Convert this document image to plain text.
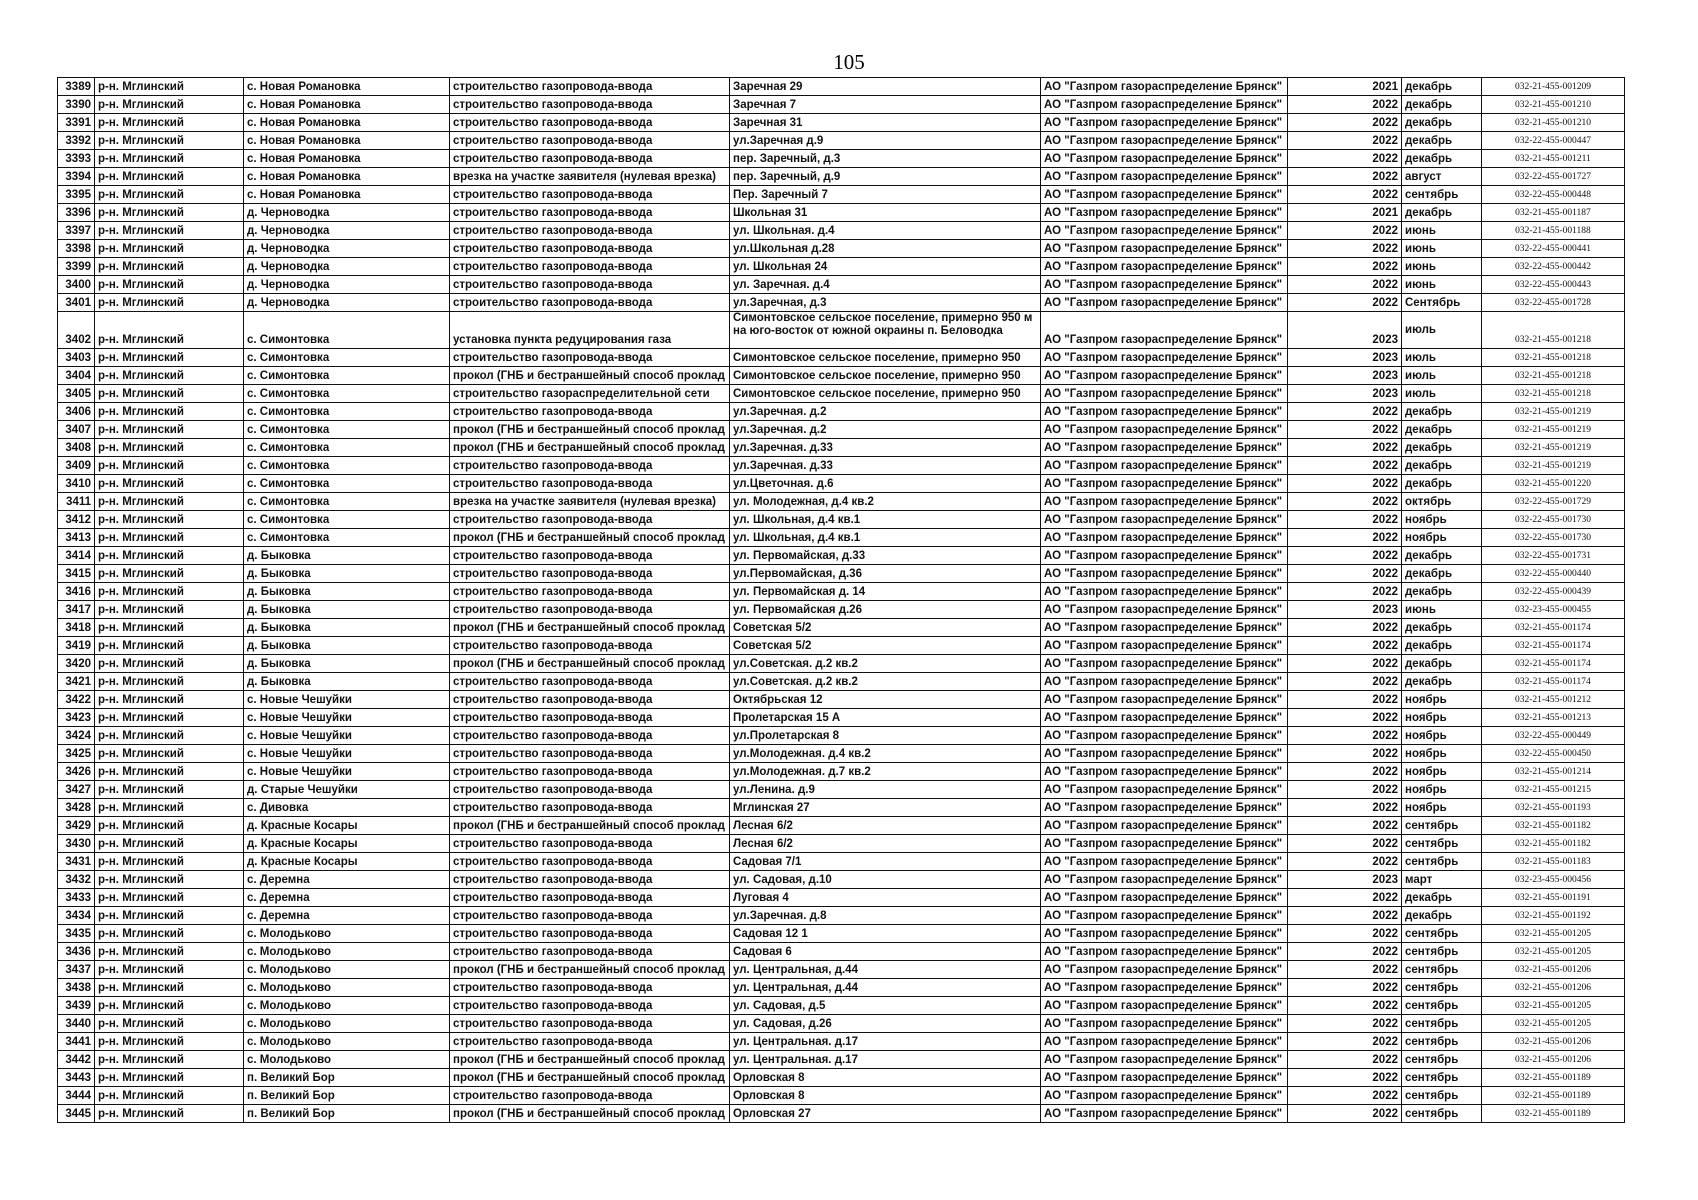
105
3389	р-н. Мглинский	с. Новая Романовка	строительство газопровода-ввода	Заречная 29	АО "Газпром газораспределение Брянск"	2021	декабрь	032-21-455-001209
3390	р-н. Мглинский	с. Новая Романовка	строительство газопровода-ввода	Заречная 7	АО "Газпром газораспределение Брянск"	2022	декабрь	032-21-455-001210
3391	р-н. Мглинский	с. Новая Романовка	строительство газопровода-ввода	Заречная 31	АО "Газпром газораспределение Брянск"	2022	декабрь	032-21-455-001210
3392	р-н. Мглинский	с. Новая Романовка	строительство газопровода-ввода	ул.Заречная д.9	АО "Газпром газораспределение Брянск"	2022	декабрь	032-22-455-000447
3393	р-н. Мглинский	с. Новая Романовка	строительство газопровода-ввода	пер. Заречный, д.3	АО "Газпром газораспределение Брянск"	2022	декабрь	032-21-455-001211
3394	р-н. Мглинский	с. Новая Романовка	врезка на участке заявителя (нулевая врезка)	пер. Заречный, д.9	АО "Газпром газораспределение Брянск"	2022	август	032-22-455-001727
3395	р-н. Мглинский	с. Новая Романовка	строительство газопровода-ввода	Пер. Заречный 7	АО "Газпром газораспределение Брянск"	2022	сентябрь	032-22-455-000448
3396	р-н. Мглинский	д. Черноводка	строительство газопровода-ввода	Школьная 31	АО "Газпром газораспределение Брянск"	2021	декабрь	032-21-455-001187
3397	р-н. Мглинский	д. Черноводка	строительство газопровода-ввода	ул. Школьная. д.4	АО "Газпром газораспределение Брянск"	2022	июнь	032-21-455-001188
3398	р-н. Мглинский	д. Черноводка	строительство газопровода-ввода	ул.Школьная д.28	АО "Газпром газораспределение Брянск"	2022	июнь	032-22-455-000441
3399	р-н. Мглинский	д. Черноводка	строительство газопровода-ввода	ул. Школьная 24	АО "Газпром газораспределение Брянск"	2022	июнь	032-22-455-000442
3400	р-н. Мглинский	д. Черноводка	строительство газопровода-ввода	ул. Заречная. д.4	АО "Газпром газораспределение Брянск"	2022	июнь	032-22-455-000443
3401	р-н. Мглинский	д. Черноводка	строительство газопровода-ввода	ул.Заречная, д.3	АО "Газпром газораспределение Брянск"	2022	Сентябрь	032-22-455-001728
3402	р-н. Мглинский	с. Симонтовка	установка пункта редуцирования газа	Симонтовское сельское поселение, примерно 950 м на юго-восток от южной окраины п. Беловодка	АО "Газпром газораспределение Брянск"	2023	июль	032-21-455-001218
3403	р-н. Мглинский	с. Симонтовка	строительство газопровода-ввода	Симонтовское сельское поселение, примерно 950	АО "Газпром газораспределение Брянск"	2023	июль	032-21-455-001218
3404	р-н. Мглинский	с. Симонтовка	прокол (ГНБ и бестраншейный способ проклад	Симонтовское сельское поселение, примерно 950	АО "Газпром газораспределение Брянск"	2023	июль	032-21-455-001218
3405	р-н. Мглинский	с. Симонтовка	строительство газораспределительной сети	Симонтовское сельское поселение, примерно 950	АО "Газпром газораспределение Брянск"	2023	июль	032-21-455-001218
3406	р-н. Мглинский	с. Симонтовка	строительство газопровода-ввода	ул.Заречная. д.2	АО "Газпром газораспределение Брянск"	2022	декабрь	032-21-455-001219
3407	р-н. Мглинский	с. Симонтовка	прокол (ГНБ и бестраншейный способ проклад	ул.Заречная. д.2	АО "Газпром газораспределение Брянск"	2022	декабрь	032-21-455-001219
3408	р-н. Мглинский	с. Симонтовка	прокол (ГНБ и бестраншейный способ проклад	ул.Заречная. д.33	АО "Газпром газораспределение Брянск"	2022	декабрь	032-21-455-001219
3409	р-н. Мглинский	с. Симонтовка	строительство газопровода-ввода	ул.Заречная. д.33	АО "Газпром газораспределение Брянск"	2022	декабрь	032-21-455-001219
3410	р-н. Мглинский	с. Симонтовка	строительство газопровода-ввода	ул.Цветочная. д.6	АО "Газпром газораспределение Брянск"	2022	декабрь	032-21-455-001220
3411	р-н. Мглинский	с. Симонтовка	врезка на участке заявителя (нулевая врезка)	ул. Молодежная, д.4 кв.2	АО "Газпром газораспределение Брянск"	2022	октябрь	032-22-455-001729
3412	р-н. Мглинский	с. Симонтовка	строительство газопровода-ввода	ул. Школьная, д.4 кв.1	АО "Газпром газораспределение Брянск"	2022	ноябрь	032-22-455-001730
3413	р-н. Мглинский	с. Симонтовка	прокол (ГНБ и бестраншейный способ проклад	ул. Школьная, д.4 кв.1	АО "Газпром газораспределение Брянск"	2022	ноябрь	032-22-455-001730
3414	р-н. Мглинский	д. Быковка	строительство газопровода-ввода	ул. Первомайская, д.33	АО "Газпром газораспределение Брянск"	2022	декабрь	032-22-455-001731
3415	р-н. Мглинский	д. Быковка	строительство газопровода-ввода	ул.Первомайская, д.36	АО "Газпром газораспределение Брянск"	2022	декабрь	032-22-455-000440
3416	р-н. Мглинский	д. Быковка	строительство газопровода-ввода	ул. Первомайская д. 14	АО "Газпром газораспределение Брянск"	2022	декабрь	032-22-455-000439
3417	р-н. Мглинский	д. Быковка	строительство газопровода-ввода	ул. Первомайская д.26	АО "Газпром газораспределение Брянск"	2023	июнь	032-23-455-000455
3418	р-н. Мглинский	д. Быковка	прокол (ГНБ и бестраншейный способ проклад	Советская 5/2	АО "Газпром газораспределение Брянск"	2022	декабрь	032-21-455-001174
3419	р-н. Мглинский	д. Быковка	строительство газопровода-ввода	Советская 5/2	АО "Газпром газораспределение Брянск"	2022	декабрь	032-21-455-001174
3420	р-н. Мглинский	д. Быковка	прокол (ГНБ и бестраншейный способ проклад	ул.Советская. д.2 кв.2	АО "Газпром газораспределение Брянск"	2022	декабрь	032-21-455-001174
3421	р-н. Мглинский	д. Быковка	строительство газопровода-ввода	ул.Советская. д.2 кв.2	АО "Газпром газораспределение Брянск"	2022	декабрь	032-21-455-001174
3422	р-н. Мглинский	с. Новые Чешуйки	строительство газопровода-ввода	Октябрьская 12	АО "Газпром газораспределение Брянск"	2022	ноябрь	032-21-455-001212
3423	р-н. Мглинский	с. Новые Чешуйки	строительство газопровода-ввода	Пролетарская 15 А	АО "Газпром газораспределение Брянск"	2022	ноябрь	032-21-455-001213
3424	р-н. Мглинский	с. Новые Чешуйки	строительство газопровода-ввода	ул.Пролетарская 8	АО "Газпром газораспределение Брянск"	2022	ноябрь	032-22-455-000449
3425	р-н. Мглинский	с. Новые Чешуйки	строительство газопровода-ввода	ул.Молодежная. д.4 кв.2	АО "Газпром газораспределение Брянск"	2022	ноябрь	032-22-455-000450
3426	р-н. Мглинский	с. Новые Чешуйки	строительство газопровода-ввода	ул.Молодежная. д.7 кв.2	АО "Газпром газораспределение Брянск"	2022	ноябрь	032-21-455-001214
3427	р-н. Мглинский	д. Старые Чешуйки	строительство газопровода-ввода	ул.Ленина. д.9	АО "Газпром газораспределение Брянск"	2022	ноябрь	032-21-455-001215
3428	р-н. Мглинский	с. Дивовка	строительство газопровода-ввода	Мглинская 27	АО "Газпром газораспределение Брянск"	2022	ноябрь	032-21-455-001193
3429	р-н. Мглинский	д. Красные Косары	прокол (ГНБ и бестраншейный способ проклад	Лесная 6/2	АО "Газпром газораспределение Брянск"	2022	сентябрь	032-21-455-001182
3430	р-н. Мглинский	д. Красные Косары	строительство газопровода-ввода	Лесная 6/2	АО "Газпром газораспределение Брянск"	2022	сентябрь	032-21-455-001182
3431	р-н. Мглинский	д. Красные Косары	строительство газопровода-ввода	Садовая 7/1	АО "Газпром газораспределение Брянск"	2022	сентябрь	032-21-455-001183
3432	р-н. Мглинский	с. Деремна	строительство газопровода-ввода	ул. Садовая, д.10	АО "Газпром газораспределение Брянск"	2023	март	032-23-455-000456
3433	р-н. Мглинский	с. Деремна	строительство газопровода-ввода	Луговая 4	АО "Газпром газораспределение Брянск"	2022	декабрь	032-21-455-001191
3434	р-н. Мглинский	с. Деремна	строительство газопровода-ввода	ул.Заречная. д.8	АО "Газпром газораспределение Брянск"	2022	декабрь	032-21-455-001192
3435	р-н. Мглинский	с. Молодьково	строительство газопровода-ввода	Садовая 12 1	АО "Газпром газораспределение Брянск"	2022	сентябрь	032-21-455-001205
3436	р-н. Мглинский	с. Молодьково	строительство газопровода-ввода	Садовая 6	АО "Газпром газораспределение Брянск"	2022	сентябрь	032-21-455-001205
3437	р-н. Мглинский	с. Молодьково	прокол (ГНБ и бестраншейный способ проклад	ул. Центральная, д.44	АО "Газпром газораспределение Брянск"	2022	сентябрь	032-21-455-001206
3438	р-н. Мглинский	с. Молодьково	строительство газопровода-ввода	ул. Центральная, д.44	АО "Газпром газораспределение Брянск"	2022	сентябрь	032-21-455-001206
3439	р-н. Мглинский	с. Молодьково	строительство газопровода-ввода	ул. Садовая, д.5	АО "Газпром газораспределение Брянск"	2022	сентябрь	032-21-455-001205
3440	р-н. Мглинский	с. Молодьково	строительство газопровода-ввода	ул. Садовая, д.26	АО "Газпром газораспределение Брянск"	2022	сентябрь	032-21-455-001205
3441	р-н. Мглинский	с. Молодьково	строительство газопровода-ввода	ул. Центральная. д.17	АО "Газпром газораспределение Брянск"	2022	сентябрь	032-21-455-001206
3442	р-н. Мглинский	с. Молодьково	прокол (ГНБ и бестраншейный способ проклад	ул. Центральная. д.17	АО "Газпром газораспределение Брянск"	2022	сентябрь	032-21-455-001206
3443	р-н. Мглинский	п. Великий Бор	прокол (ГНБ и бестраншейный способ проклад	Орловская 8	АО "Газпром газораспределение Брянск"	2022	сентябрь	032-21-455-001189
3444	р-н. Мглинский	п. Великий Бор	строительство газопровода-ввода	Орловская 8	АО "Газпром газораспределение Брянск"	2022	сентябрь	032-21-455-001189
3445	р-н. Мглинский	п. Великий Бор	прокол (ГНБ и бестраншейный способ проклад	Орловская 27	АО "Газпром газораспределение Брянск"	2022	сентябрь	032-21-455-001189
